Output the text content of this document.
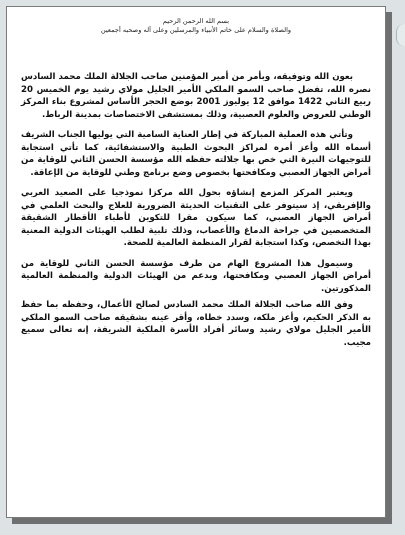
بسم الله الرحمن الرحيم
والصلاة والسلام على خاتم الأنبياء والمرسلين وعلى آله وصحبه أجمعين

بعون الله وتوفيقه، وبأمر من أمير المؤمنين صاحب الجلالة الملك محمد السادس نصره الله، تفضل صاحب السمو الملكي الأمير الجليل مولاي رشيد يوم الخميس 20 ربيع الثاني 1422 موافق 12 يوليوز 2001 بوضع الحجر الأساس لمشروع بناء المركز الوطني للعروض والعلوم العصبية، وذلك بمستشفى الاختصاصات بمدينة الرباط.

وتأتي هذه العملية المباركة في إطار العناية السامية التي يوليها الجناب الشريف أسماه الله وأعز أمره لمراكز البحوث الطبية والاستشفائية، كما تأتي استجابة للتوجيهات النيرة التي خص بها جلالته حفظه الله مؤسسة الحسن الثاني للوقاية من أمراض الجهاز العصبي ومكافحتها بخصوص وضع برنامج وطني للوقاية من الإعاقة.

ويعتبر المركز المزمع إنشاؤه بحول الله مركزا نموذجيا على الصعيد العربي والإفريقي، إذ سيتوفر على التقنيات الحديثة الضرورية للعلاج والبحث العلمي في أمراض الجهاز العصبي، كما سيكون مقرا للتكوين لأطباء الأقطار الشقيقة المتخصصين في جراحة الدماغ والأعصاب، وذلك تلبية لطلب الهيئات الدولية المعنية بهذا التخصص، وكذا استجابة لقرار المنظمة العالمية للصحة.

وسيمول هذا المشروع الهام من طرف مؤسسة الحسن الثاني للوقاية من أمراض الجهاز العصبي ومكافحتها، وبدعم من الهيئات الدولية والمنظمة العالمية المذكورتين.

وفق الله صاحب الجلالة الملك محمد السادس لصالح الأعمال، وحفظه بما حفظ به الذكر الحكيم، وأعز ملكه، وسدد خطاه، وأقر عينه بشقيقه صاحب السمو الملكي الأمير الجليل مولاي رشيد وسائر أفراد الأسرة الملكية الشريفة، إنه تعالى سميع مجيب.
